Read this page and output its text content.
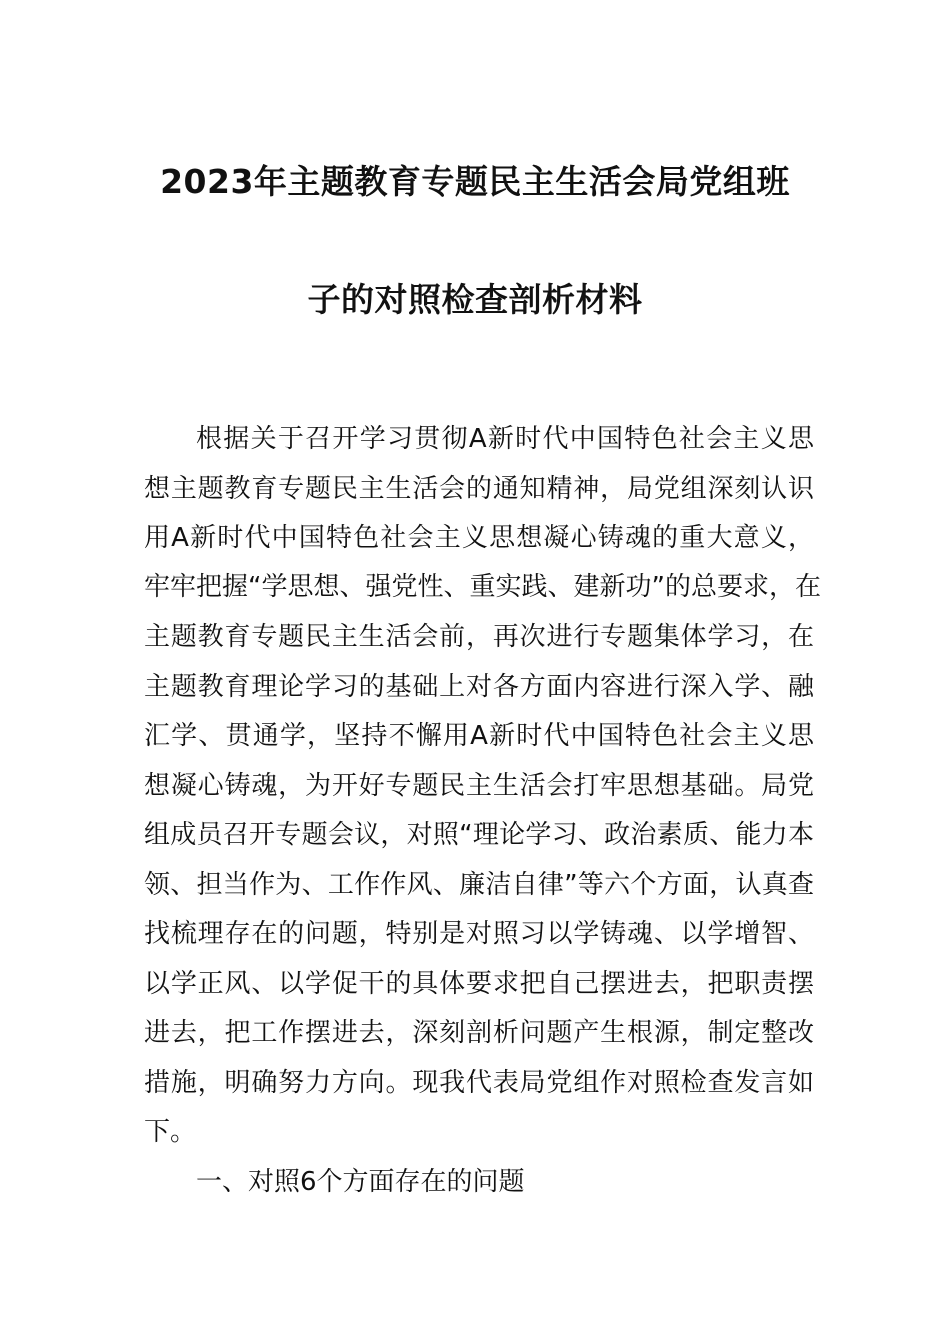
2023年主题教育专题民主生活会局党组班
子的对照检查剖析材料
根据关于召开学习贯彻A新时代中国特色社会主义思
想主题教育专题民主生活会的通知精神，局党组深刻认识
用A新时代中国特色社会主义思想凝心铸魂的重大意义，
牢牢把握“学思想、强党性、重实践、建新功”的总要求，在
主题教育专题民主生活会前，再次进行专题集体学习，在
主题教育理论学习的基础上对各方面内容进行深入学、融
汇学、贯通学，坚持不懈用A新时代中国特色社会主义思
想凝心铸魂，为开好专题民主生活会打牢思想基础。局党
组成员召开专题会议，对照“理论学习、政治素质、能力本
领、担当作为、工作作风、廉洁自律”等六个方面，认真查
找梳理存在的问题，特别是对照习以学铸魂、以学增智、
以学正风、以学促干的具体要求把自己摆进去，把职责摆
进去，把工作摆进去，深刻剖析问题产生根源，制定整改
措施，明确努力方向。现我代表局党组作对照检查发言如
下。
一、对照6个方面存在的问题
